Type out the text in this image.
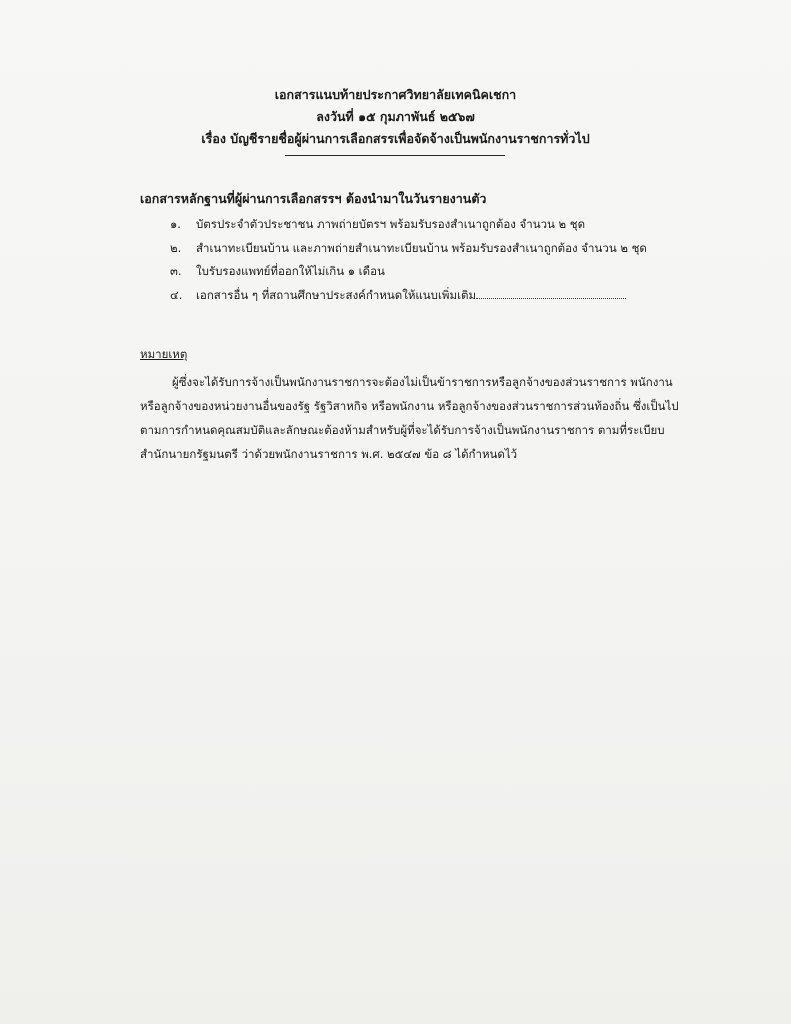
เอกสารแนบท้ายประกาศวิทยาลัยเทคนิคเชกา
ลงวันที่ ๑๕ กุมภาพันธ์ ๒๕๖๗
เรื่อง บัญชีรายชื่อผู้ผ่านการเลือกสรรเพื่อจัดจ้างเป็นพนักงานราชการทั่วไป
เอกสารหลักฐานที่ผู้ผ่านการเลือกสรรฯ ต้องนำมาในวันรายงานตัว
๑. บัตรประจำตัวประชาชน ภาพถ่ายบัตรฯ พร้อมรับรองสำเนาถูกต้อง จำนวน ๒ ชุด
๒. สำเนาทะเบียนบ้าน และภาพถ่ายสำเนาทะเบียนบ้าน พร้อมรับรองสำเนาถูกต้อง จำนวน ๒ ชุด
๓. ใบรับรองแพทย์ที่ออกให้ไม่เกิน ๑ เดือน
๔. เอกสารอื่น ๆ ที่สถานศึกษาประสงค์กำหนดให้แนบเพิ่มเติม
หมายเหตุ
ผู้ซึ่งจะได้รับการจ้างเป็นพนักงานราชการจะต้องไม่เป็นข้าราชการหรือลูกจ้างของส่วนราชการ พนักงาน
หรือลูกจ้างของหน่วยงานอื่นของรัฐ รัฐวิสาหกิจ หรือพนักงาน หรือลูกจ้างของส่วนราชการส่วนท้องถิ่น ซึ่งเป็นไป
ตามการกำหนดคุณสมบัติและลักษณะต้องห้ามสำหรับผู้ที่จะได้รับการจ้างเป็นพนักงานราชการ ตามที่ระเบียบ
สำนักนายกรัฐมนตรี ว่าด้วยพนักงานราชการ พ.ศ. ๒๕๔๗ ข้อ ๘ ได้กำหนดไว้
